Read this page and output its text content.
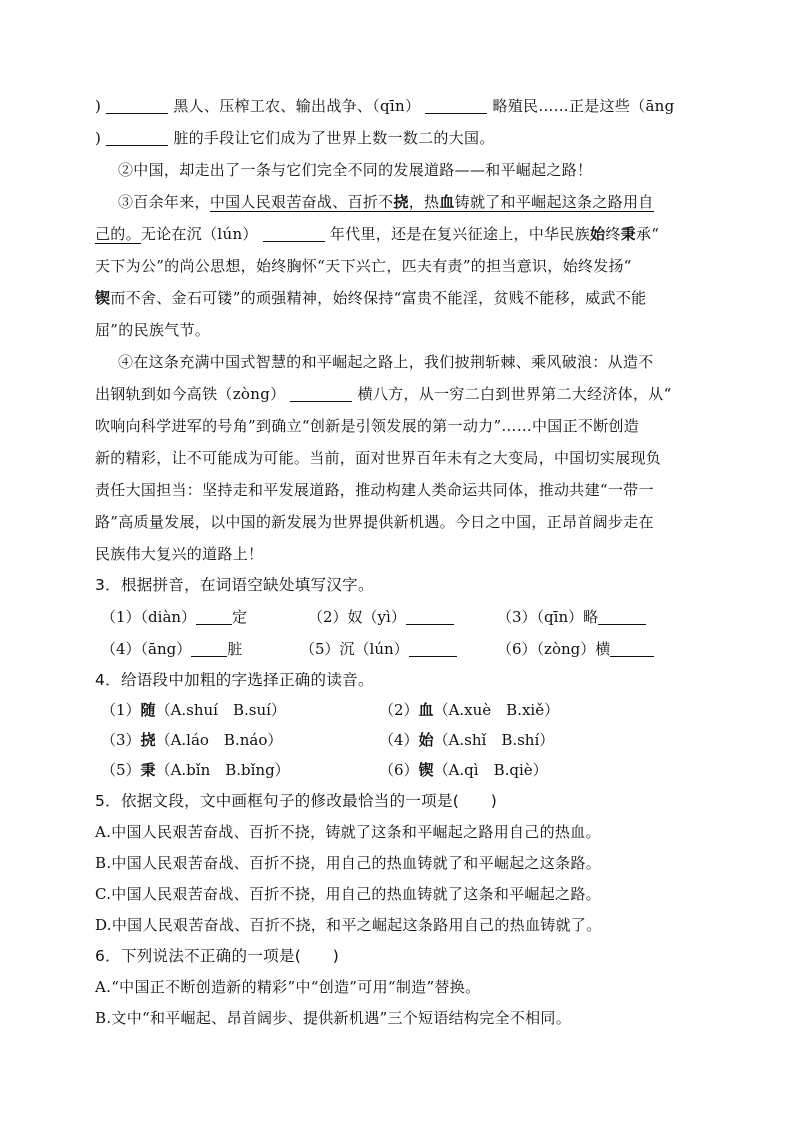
)	黑人、压榨工农、输出战争、（qīn）	略殖民……正是这些（āng
)	脏的手段让它们成为了世界上数一数二的大国。
②中国，却走出了一条与它们完全不同的发展道路——和平崛起之路！
③百余年来，中国人民艰苦奋战、百折不挠，热血铸就了和平崛起这条之路用自
己的。无论在沉（lún）	年代里，还是在复兴征途上，中华民族始终秉承“
天下为公”的尚公思想，始终胸怀“天下兴亡，匹夫有责”的担当意识，始终发扬“
锲而不舍、金石可镂”的顽强精神，始终保持“富贵不能淫，贫贱不能移，威武不能
屈”的民族气节。
④在这条充满中国式智慧的和平崛起之路上，我们披荆斩棘、乘风破浪：从造不
出钢轨到如今高铁（zòng）	横八方，从一穷二白到世界第二大经济体，从“
吹响向科学进军的号角”到确立“创新是引领发展的第一动力”……中国正不断创造
新的精彩，让不可能成为可能。当前，面对世界百年未有之大变局，中国切实展现负
责任大国担当：坚持走和平发展道路，推动构建人类命运共同体，推动共建“一带一
路”高质量发展，以中国的新发展为世界提供新机遇。今日之中国，正昂首阔步走在
民族伟大复兴的道路上！
3．根据拼音，在词语空缺处填写汉字。
（1）（diàn） 定	（2）奴（yì）	（3）（qīn）略
（4）（āng） 脏	（5）沉（lún）	（6）（zòng）横
4．给语段中加粗的字选择正确的读音。
（1）随（A.shuí　B.suí）	（2）血（A.xuè　B.xiě）
（3）挠（A.láo　B.náo）	（4）始（A.shǐ　B.shí）
（5）秉（A.bǐn　B.bǐng）	（6）锲（A.qì　B.qiè）
5．依据文段，文中画框句子的修改最恰当的一项是(　　)
A.中国人民艰苦奋战、百折不挠，铸就了这条和平崛起之路用自己的热血。
B.中国人民艰苦奋战、百折不挠，用自己的热血铸就了和平崛起之这条路。
C.中国人民艰苦奋战、百折不挠，用自己的热血铸就了这条和平崛起之路。
D.中国人民艰苦奋战、百折不挠，和平之崛起这条路用自己的热血铸就了。
6．下列说法不正确的一项是(　　)
A.“中国正不断创造新的精彩”中“创造”可用“制造”替换。
B.文中“和平崛起、昂首阔步、提供新机遇”三个短语结构完全不相同。
